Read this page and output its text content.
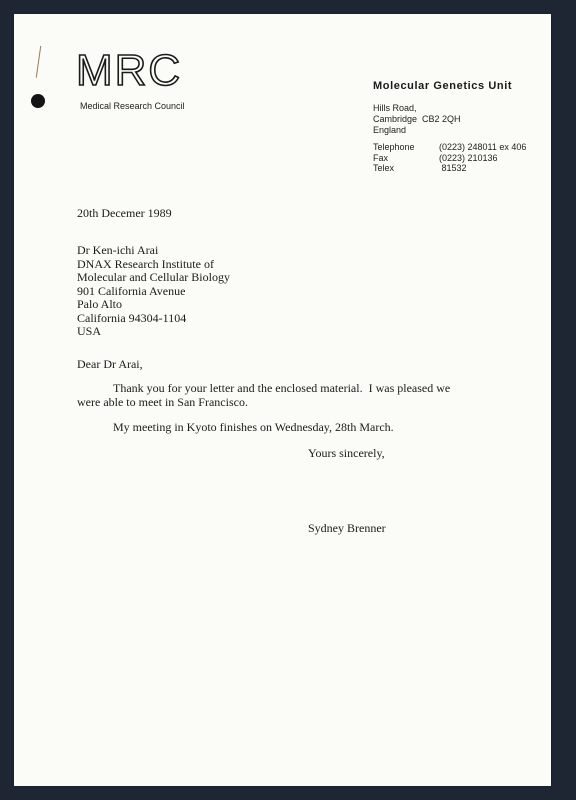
MRC
Medical Research Council
Molecular Genetics Unit
Hills Road,
Cambridge  CB2 2QH
England
Telephone	(0223) 248011 ex 406
Fax	(0223) 210136
Telex	81532
20th Decemer 1989
Dr Ken-ichi Arai
DNAX Research Institute of
Molecular and Cellular Biology
901 California Avenue
Palo Alto
California 94304-1104
USA
Dear Dr Arai,
Thank you for your letter and the enclosed material.  I was pleased we
were able to meet in San Francisco.
My meeting in Kyoto finishes on Wednesday, 28th March.
Yours sincerely,
Sydney Brenner
